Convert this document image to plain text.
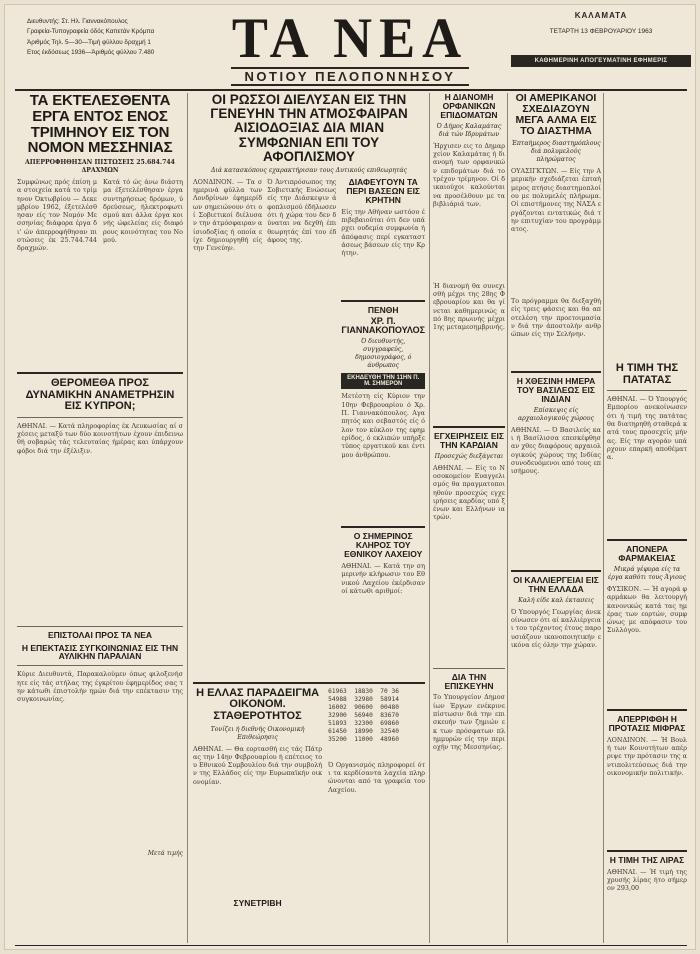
Διευθυντής: Στ. Ηλ. Γιαννακόπουλος
Γραφεία-Τυπογραφεία όδός Καπετάν Κρόμπα
Άριθμός Τηλ. 5—30—Τιμή φύλλου δραχμή 1
Ετος έκδόσεως 1936—Άριθμός φύλλου 7.480	ΤΑ ΝΕΑ
ΝΟΤΙΟΥ ΠΕΛΟΠΟΝΝΗΣΟΥ
ΚΑΛΑΜΑΤΑ
ΤΕΤΑΡΤΗ 13 ΦΕΒΡΟΥΑΡΙΟΥ 1963
ΚΑΘΗΜΕΡΙΝΗ ΑΠΟΓΕΥΜΑΤΙΝΗ ΕΦΗΜΕΡΙΣ
ΤΑ ΕΚΤΕΛΕΣΘΕΝΤΑ ΕΡΓΑ ΕΝΤΟΣ ΕΝΟΣ ΤΡΙΜΗΝΟΥ ΕΙΣ ΤΟΝ ΝΟΜΟΝ ΜΕΣΣΗΝΙΑΣ
ΑΠΕΡΡΟΦΗΘΗΣΑΝ ΠΙΣΤΩΣΕΙΣ 25.684.744 ΔΡΑΧΜΩΝ
Συμφώνως πρός έπίση μα στοιχεία κατά το τρίμηνον Όκτωβρίου — Δεκεμβρίου 1962, έξετελέσθησαν είς τον Νομόν Μεσσηνίας διάφορα έργα δι' ών άπερροφήθησαν πιστώσεις έκ 25.744.744 δραχμών.
Κατά τό ώς άνω διάστημα έξετελέσθησαν έργα συντηρήσεως δρόμων, ύδρεύσεως, ήλεκτροφωτισμού και άλλα έργα κοινής ώφελείας είς διαφόρους κοινότητας του Νομού.
ΘΕΡΟΜΕΘΑ ΠΡΟΣ ΔΥΝΑΜΙΚΗΝ ΑΝΑΜΕΤΡΗΣΙΝ ΕΙΣ ΚΥΠΡΟΝ;
ΑΘΗΝΑΙ. — Κατά πληροφορίας έκ Λευκωσίας αί σχέσεις μεταξύ των δύο κοινοτήτων έχουν έπιδεινωθή σοβαρώς τάς τελευταίας ήμέρας και ύπάρχουν φόβοι διά την έξέλιξιν.
ΕΠΙΣΤΟΛΑΙ ΠΡΟΣ ΤΑ ΝΕΑ
Η ΕΠΕΚΤΑΣΙΣ ΣΥΓΚΟΙΝΩΝΙΑΣ ΕΙΣ ΤΗΝ ΑΥΛΙΚΗΝ ΠΑΡΑΛΙΑΝ
Κύριε Διευθυντά, Παρακαλούμεν όπως φιλοξενήσητε είς τάς στήλας της έγκρίτου έφημερίδος σας την κάτωθι έπιστολήν ημών διά την επέκτασιν της συγκοινωνίας.
Μετά τιμής
ΟΙ ΡΩΣΣΟΙ ΔΙΕΛΥΣΑΝ ΕΙΣ ΤΗΝ ΓΕΝΕΥΗΝ ΤΗΝ ΑΤΜΟΣΦΑΙΡΑΝ ΑΙΣΙΟΔΟΞΙΑΣ ΔΙΑ ΜΙΑΝ ΣΥΜΦΩΝΙΑΝ ΕΠΙ ΤΟΥ ΑΦΟΠΛΙΣΜΟΥ
Διά κατασκόπους εχαρακτήρισαν τους Δυτικούς επιθεωρητάς
ΛΟΝΔΙΝΟΝ. — Τα σημερινά φύλλα των Λονδρίνων έφημερίδων σημειώνουν ότι οί Σοβιετικοί διέλυσαν την άτμόσφαιραν αίσιοδοξίας ή οποία είχε δημιουργηθή είς την Γενεύην.
Ό Άντιπρόσωπος της Σοβιετικής Ενώσεως είς την Διάσκεψιν άφοπλισμού έδήλωσεν ότι ή χώρα του δεν δύναται να δεχθή έπιθεωρητάς έπί του έδάφους της.
ΔΙΑΦΕΥΓΟΥΝ ΤΑ ΠΕΡΙ ΒΑΣΕΩΝ ΕΙΣ ΚΡΗΤΗΝ
Είς την Αθήναν ωστόσο έπιβεβαιούται ότι δεν υπάρχει ουδεμία συμφωνία ή άπόφασις περί εγκαταστάσεως βάσεων είς την Κρήτην.
ΠΕΝΘΗ
ΧΡ. Π. ΓΙΑΝΝΑΚΟΠΟΥΛΟΣ
Ό διευθυντής, συγγραφεύς, δημοσιογράφος, ό άνθρωπος
ΕΚΗΔΕΥΘΗ ΤΗΝ 11ΗΝ Π. Μ. ΣΗΜΕΡΟΝ
Μετέστη είς Κύριον την 10ην Φεβρουαρίου ό Χρ. Π. Γιαννακόπουλος. Αγαπητός και σεβαστός είς όλον τον κύκλον της εφημερίδος, ό εκλιπών υπήρξε τύπος εργατικού και έντιμου άνθρώπου.
Ο ΣΗΜΕΡΙΝΟΣ ΚΛΗΡΟΣ ΤΟΥ ΕΘΝΙΚΟΥ ΛΑΧΕΙΟΥ
ΑΘΗΝΑΙ. — Κατά την σημερινήν κλήρωσιν του Εθνικού Λαχείου έκέρδισαν οί κάτωθι αριθμοί:
Η ΕΛΛΑΣ ΠΑΡΑΔΕΙΓΜΑ ΟΙΚΟΝΟΜ. ΣΤΑΘΕΡΟΤΗΤΟΣ
Τονίζει ή διεθνής Οικονομική Επιθεώρησις
ΑΘΗΝΑΙ. — Θα εορτασθή εις τάς Πάτρας την 14ην Φεβρουαρίου ή επέτειος του Εθνικού Συμβουλίου διά την συμβολήν της Ελλάδος είς την Ευρωπαϊκήν οικονομίαν.
ΣΥΝΕΤΡΙΒΗ
61963  18830  70 36
54988  32980  58914
16002  90600  00480
32900  56940  83670
51893  32300  69860
61450  18990  32540
35200  11000  48960
Ό Οργανισμός πληροφορεί ότι τα κερδίσαντα λαχεία πληρώνονται από τα γραφεία του Λαχείου.
Η ΔΙΑΝΟΜΗ ΟΡΦΑΝΙΚΩΝ ΕΠΙΔΟΜΑΤΩΝ
Ό Δήμος Καλαμάτας διά τών Ιδρυμάτων
Ήρχισεν εις το Δημαρχείον Καλαμάτας ή διανομή των ορφανικών επιδομάτων διά το τρέχον τρίμηνον. Οί δικαιούχοι καλούνται να προσέλθουν με τα βιβλιάριά των.
Ή διανομή θα συνεχισθή μέχρι της 28ης Φεβρουαρίου και θα γίνεται καθημερινώς από 8ης πρωινής μέχρι 1ης μεταμεσημβρινής.
ΕΓΧΕΙΡΗΣΕΙΣ ΕΙΣ ΤΗΝ ΚΑΡΔΙΑΝ
Προσεχώς διεξάγεται
ΑΘΗΝΑΙ. — Είς το Νοσοκομείον Ευαγγελισμός θα πραγματοποιηθούν προσεχώς εγχειρήσεις καρδίας υπό ξένων και Ελλήνων ιατρών.
ΔΙΑ ΤΗΝ ΕΠΙΣΚΕΥΗΝ
Το Υπουργείον Δημοσίων Έργων ενέκρινε πίστωσιν διά την επισκευήν των ζημιών εκ των πρόσφατων πλημμυρών είς την περιοχήν της Μεσσηνίας.
ΟΙ ΑΜΕΡΙΚΑΝΟΙ ΣΧΕΔΙΑΖΟΥΝ ΜΕΓΑ ΑΛΜΑ ΕΙΣ ΤΟ ΔΙΑΣΤΗΜΑ
Έπταήμερος διαστημόπλους διά πολυμελούς πληρώματος
ΟΥΑΣΙΓΚΤΩΝ. — Είς την Αμερικήν σχεδιάζεται έπταήμερος πτήσις διαστημοπλοίου με πολυμελές πλήρωμα. Οί επιστήμονες της ΝΑΣΑ εργάζονται εντατικώς διά την επιτυχίαν του προγράμματος.
Το πρόγραμμα θα διεξαχθή είς τρεις φάσεις και θα αποτελέση την προετοιμασίαν διά την άποστολήν ανθρώπων είς την Σελήνην.
Η ΧΘΕΣΙΝΗ ΗΜΕΡΑ ΤΟΥ ΒΑΣΙΛΕΩΣ ΕΙΣ ΙΝΔΙΑΝ
Επίσκεψις είς αρχαιολογικούς χώρους
ΑΘΗΝΑΙ. — Ό Βασιλεύς και ή Βασίλισσα επεσκέφθησαν χθες διαφόρους αρχαιολογικούς χώρους της Ινδίας συνοδευόμενοι από τους επισήμους.
ΟΙ ΚΑΛΛΙΕΡΓΕΙΑΙ ΕΙΣ ΤΗΝ ΕΛΛΑΔΑ
Καλή είδε καλ έκτασεις
Ό Υπουργός Γεωργίας άνεκοίνωσεν ότι αί καλλιέργειαι του τρέχοντος έτους παρουσιάζουν ικανοποιητικήν εικόνα είς όλην την χώραν.
Η ΤΙΜΗ ΤΗΣ ΠΑΤΑΤΑΣ
ΑΘΗΝΑΙ. — Ό Υπουργός Εμπορίου ανεκοίνωσεν ότι ή τιμή της πατάτας θα διατηρηθή σταθερά κατά τους προσεχείς μήνας. Είς την αγοράν υπάρχουν επαρκή αποθέματα.
ΑΠΟΝΕΡΑ ΦΑΡΜΑΚΕΙΑΣ
Μικρά γέφυρα είς τα έργα καθότι τους Άγιους
ΦΥΣΙΚΟΝ. — Ή αγορά φαρμάκων θα λειτουργή κανονικώς κατά τας ημέρας των εορτών, συμφώνως με απόφασιν του Συλλόγου.
ΑΠΕΡΡΙΦΘΗ Η ΠΡΟΤΑΣΙΣ ΜΙΦΡΑΣ
ΛΟΝΔΙΝΟΝ. — Ή Βουλή των Κοινοτήτων απέρριψε την πρότασιν της αντιπολιτεύσεως διά την οικονομικήν πολιτικήν.
Η ΤΙΜΗ ΤΗΣ ΛΙΡΑΣ
ΑΘΗΝΑΙ. — Ή τιμή της χρυσής λίρας ήτο σήμερον 293,00
